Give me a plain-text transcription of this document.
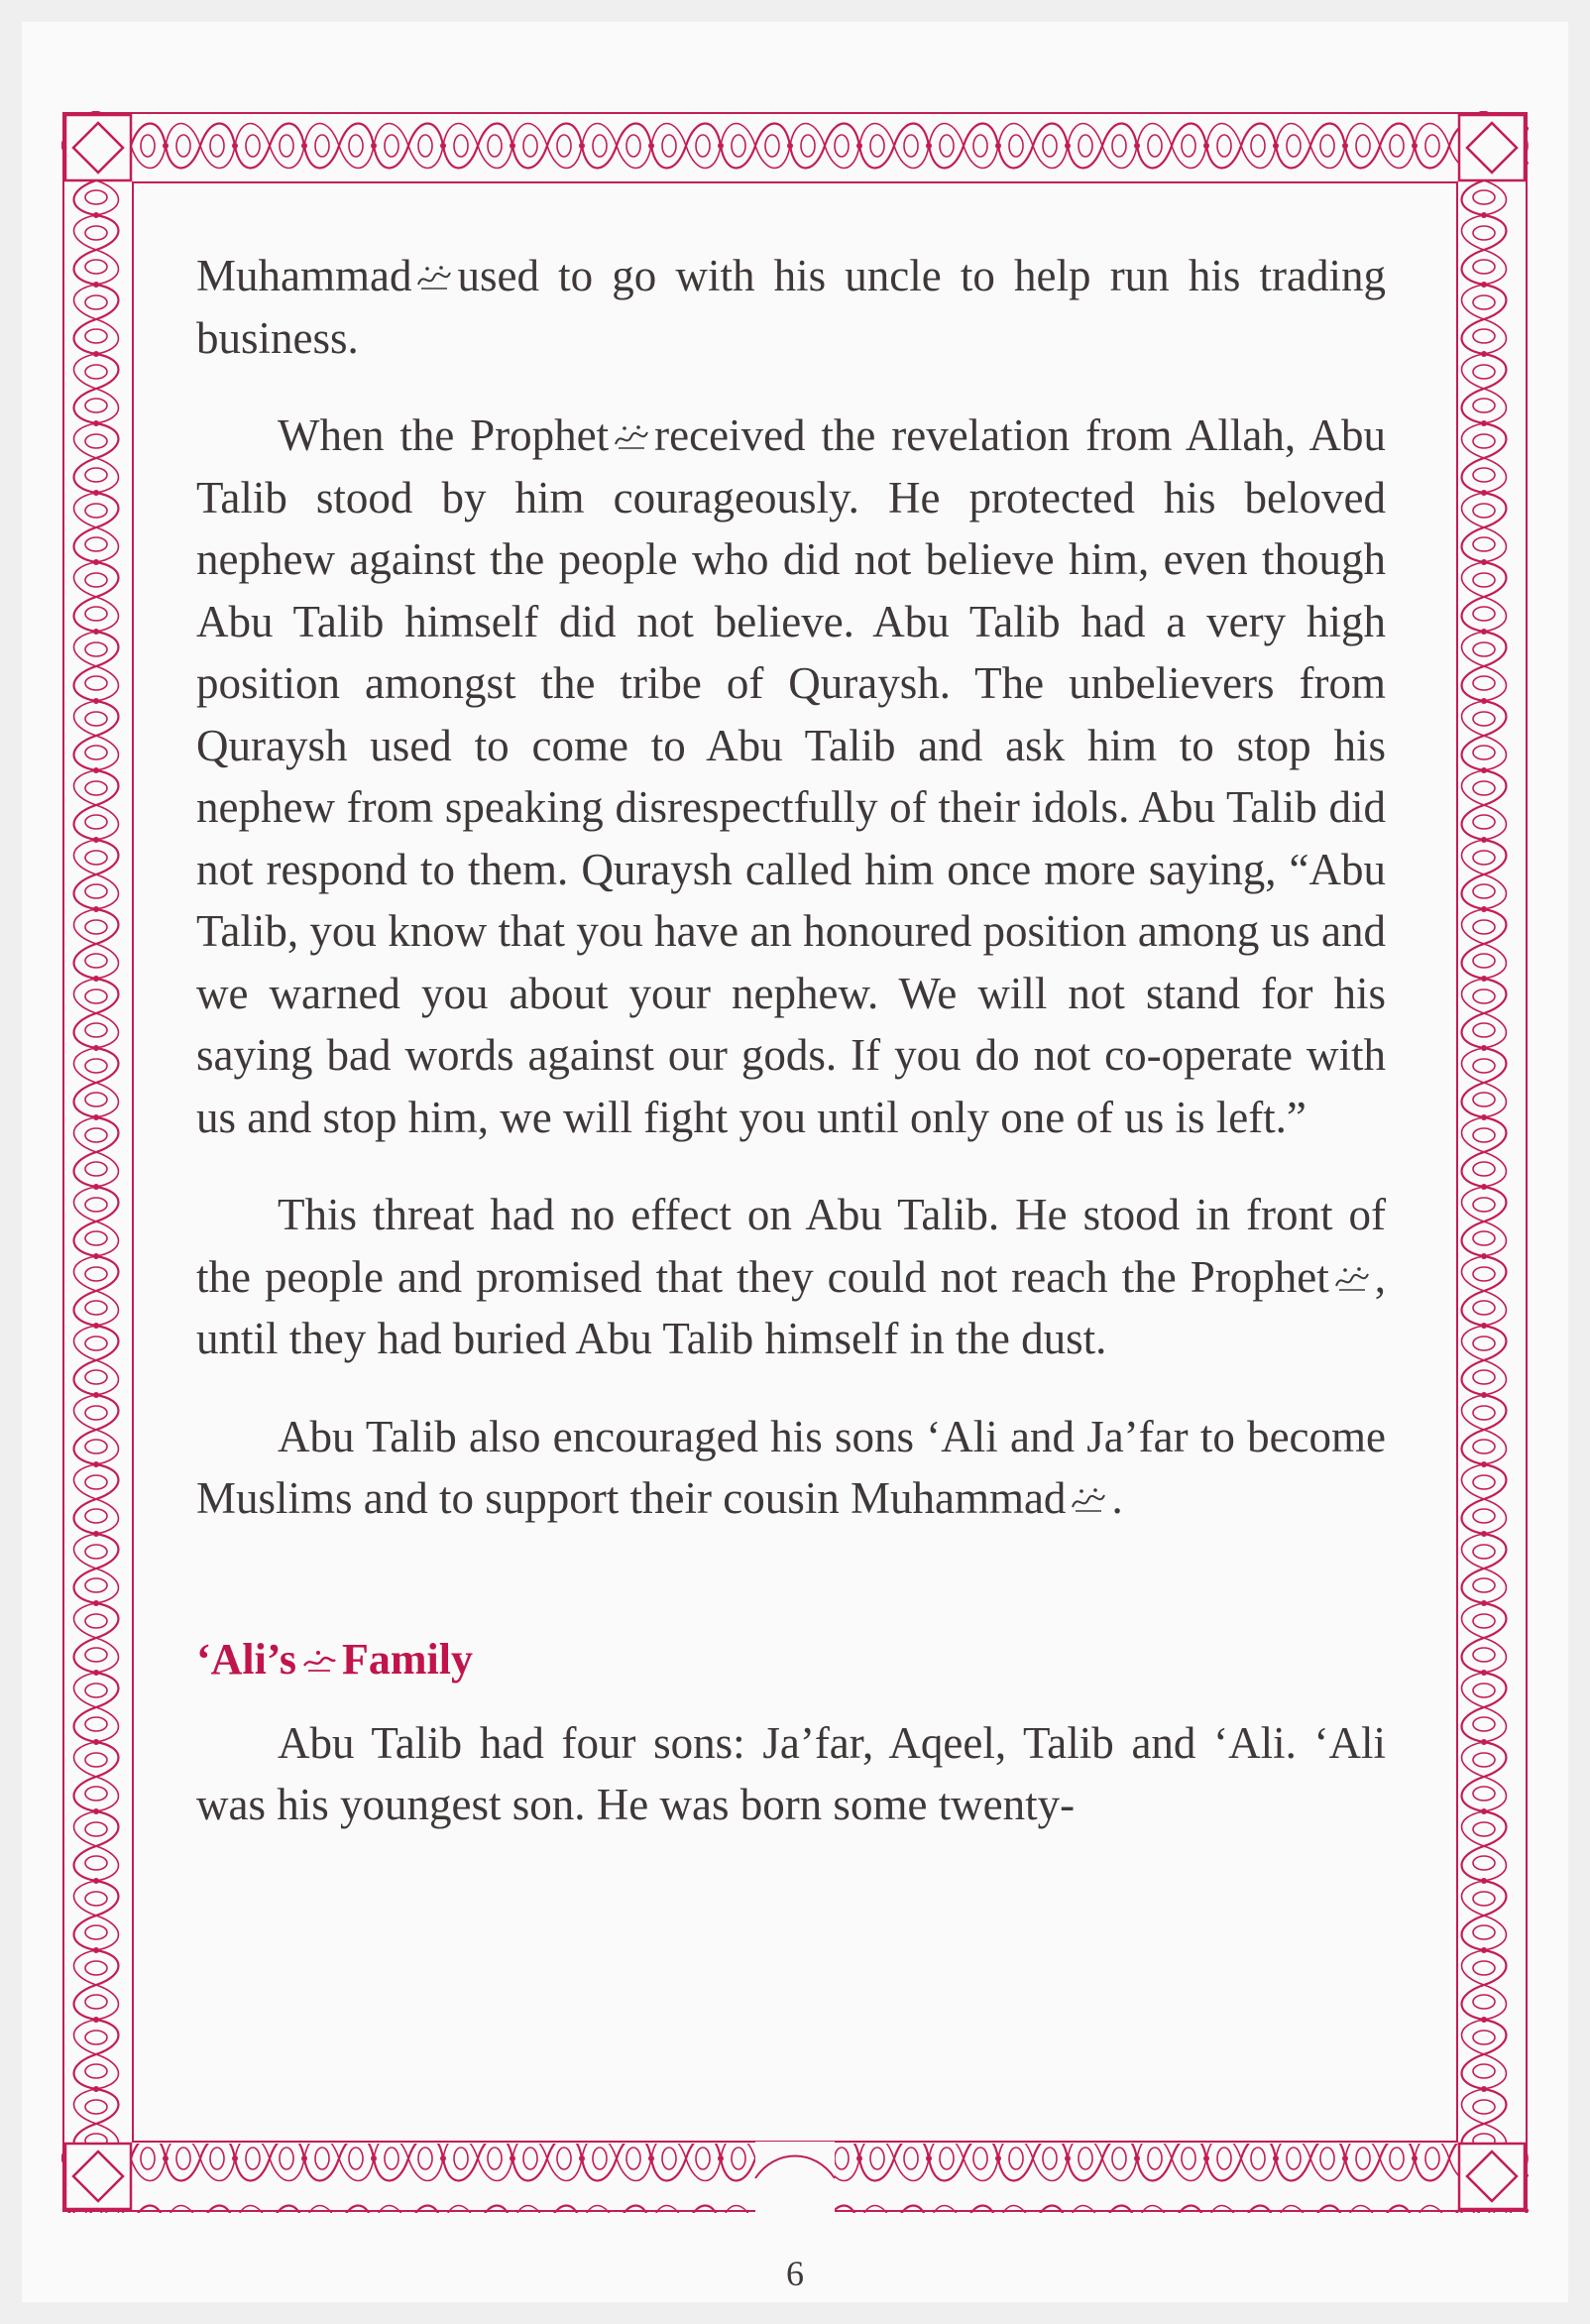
Muhammad used to go with his uncle to help run his trading business.

When the Prophet received the revelation from Allah, Abu Talib stood by him courageously. He protected his beloved nephew against the people who did not believe him, even though Abu Talib himself did not believe. Abu Talib had a very high position amongst the tribe of Quraysh. The unbelievers from Quraysh used to come to Abu Talib and ask him to stop his nephew from speaking disrespectfully of their idols. Abu Talib did not respond to them. Quraysh called him once more saying, “Abu Talib, you know that you have an honoured position among us and we warned you about your nephew. We will not stand for his saying bad words against our gods. If you do not co-operate with us and stop him, we will fight you until only one of us is left.”

This threat had no effect on Abu Talib. He stood in front of the people and promised that they could not reach the Prophet , until they had buried Abu Talib himself in the dust.

Abu Talib also encouraged his sons ‘Ali and Ja’far to become Muslims and to support their cousin Muhammad .

‘Ali’s Family

Abu Talib had four sons: Ja’far, Aqeel, Talib and ‘Ali. ‘Ali was his youngest son. He was born some twenty-

6
